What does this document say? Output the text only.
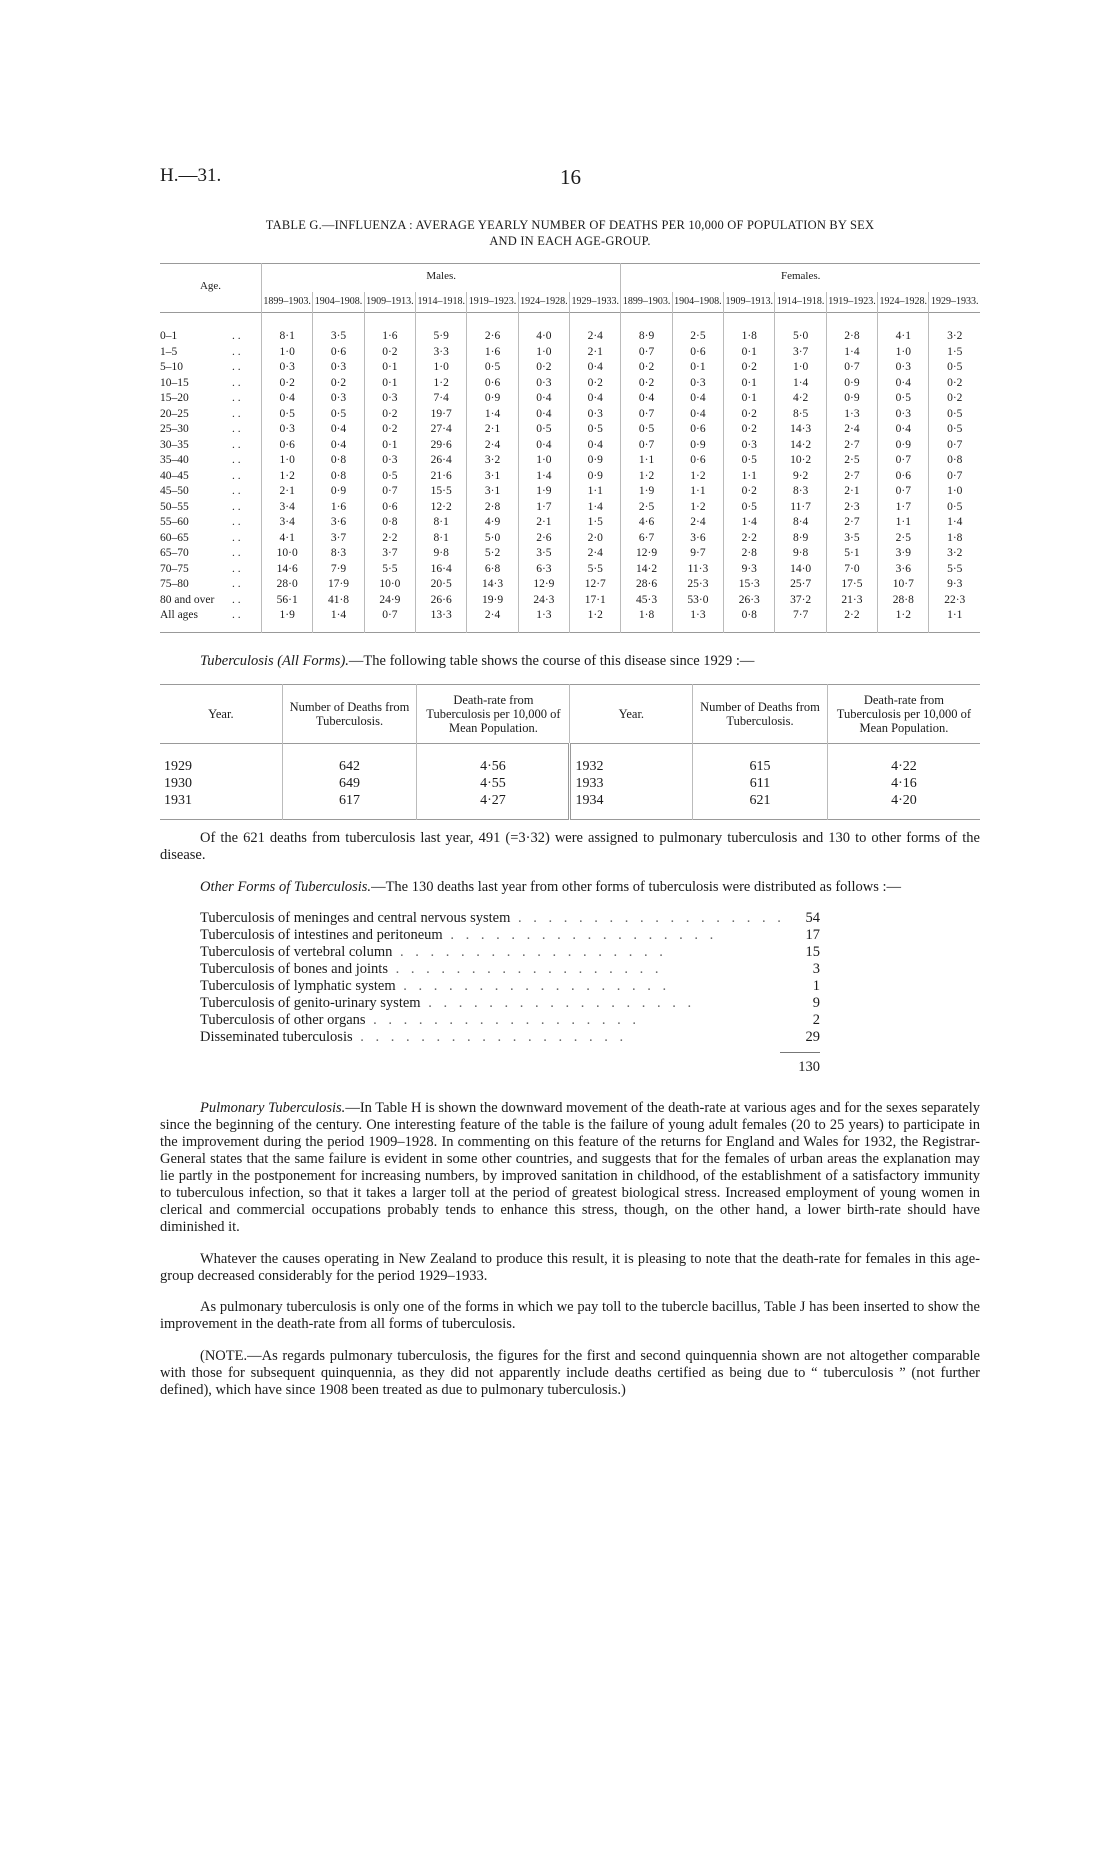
H.—31.	16
TABLE G.—INFLUENZA : AVERAGE YEARLY NUMBER OF DEATHS PER 10,000 OF POPULATION BY SEX
AND IN EACH AGE-GROUP.
Age.		Males.							Females.						
		1899–1903.	1904–1908.	1909–1913.	1914–1918.	1919–1923.	1924–1928.	1929–1933.	1899–1903.	1904–1908.	1909–1913.	1914–1918.	1919–1923.	1924–1928.	1929–1933.
0–1	. .	8·1	3·5	1·6	5·9	2·6	4·0	2·4	8·9	2·5	1·8	5·0	2·8	4·1	3·2
1–5	. .	1·0	0·6	0·2	3·3	1·6	1·0	2·1	0·7	0·6	0·1	3·7	1·4	1·0	1·5
5–10	. .	0·3	0·3	0·1	1·0	0·5	0·2	0·4	0·2	0·1	0·2	1·0	0·7	0·3	0·5
10–15	. .	0·2	0·2	0·1	1·2	0·6	0·3	0·2	0·2	0·3	0·1	1·4	0·9	0·4	0·2
15–20	. .	0·4	0·3	0·3	7·4	0·9	0·4	0·4	0·4	0·4	0·1	4·2	0·9	0·5	0·2
20–25	. .	0·5	0·5	0·2	19·7	1·4	0·4	0·3	0·7	0·4	0·2	8·5	1·3	0·3	0·5
25–30	. .	0·3	0·4	0·2	27·4	2·1	0·5	0·5	0·5	0·6	0·2	14·3	2·4	0·4	0·5
30–35	. .	0·6	0·4	0·1	29·6	2·4	0·4	0·4	0·7	0·9	0·3	14·2	2·7	0·9	0·7
35–40	. .	1·0	0·8	0·3	26·4	3·2	1·0	0·9	1·1	0·6	0·5	10·2	2·5	0·7	0·8
40–45	. .	1·2	0·8	0·5	21·6	3·1	1·4	0·9	1·2	1·2	1·1	9·2	2·7	0·6	0·7
45–50	. .	2·1	0·9	0·7	15·5	3·1	1·9	1·1	1·9	1·1	0·2	8·3	2·1	0·7	1·0
50–55	. .	3·4	1·6	0·6	12·2	2·8	1·7	1·4	2·5	1·2	0·5	11·7	2·3	1·7	0·5
55–60	. .	3·4	3·6	0·8	8·1	4·9	2·1	1·5	4·6	2·4	1·4	8·4	2·7	1·1	1·4
60–65	. .	4·1	3·7	2·2	8·1	5·0	2·6	2·0	6·7	3·6	2·2	8·9	3·5	2·5	1·8
65–70	. .	10·0	8·3	3·7	9·8	5·2	3·5	2·4	12·9	9·7	2·8	9·8	5·1	3·9	3·2
70–75	. .	14·6	7·9	5·5	16·4	6·8	6·3	5·5	14·2	11·3	9·3	14·0	7·0	3·6	5·5
75–80	. .	28·0	17·9	10·0	20·5	14·3	12·9	12·7	28·6	25·3	15·3	25·7	17·5	10·7	9·3
80 and over	. .	56·1	41·8	24·9	26·6	19·9	24·3	17·1	45·3	53·0	26·3	37·2	21·3	28·8	22·3
All ages	. .	1·9	1·4	0·7	13·3	2·4	1·3	1·2	1·8	1·3	0·8	7·7	2·2	1·2	1·1

Tuberculosis (All Forms).—The following table shows the course of this disease since 1929 :—

Year.	Number of Deaths from Tuberculosis.	Death-rate from Tuberculosis per 10,000 of Mean Population.	Year.	Number of Deaths from Tuberculosis.	Death-rate from Tuberculosis per 10,000 of Mean Population.
1929	642	4·56	1932	615	4·22
1930	649	4·55	1933	611	4·16
1931	617	4·27	1934	621	4·20

Of the 621 deaths from tuberculosis last year, 491 (=3·32) were assigned to pulmonary tuberculosis and 130 to other forms of the disease.

Other Forms of Tuberculosis.—The 130 deaths last year from other forms of tuberculosis were distributed as follows :—

Tuberculosis of meninges and central nervous system . .	54
Tuberculosis of intestines and peritoneum . .	17
Tuberculosis of vertebral column . .	15
Tuberculosis of bones and joints . .	3
Tuberculosis of lymphatic system . .	1
Tuberculosis of genito-urinary system . .	9
Tuberculosis of other organs . .	2
Disseminated tuberculosis . .	29
130

Pulmonary Tuberculosis.—In Table H is shown the downward movement of the death-rate at various ages and for the sexes separately since the beginning of the century. One interesting feature of the table is the failure of young adult females (20 to 25 years) to participate in the improvement during the period 1909–1928. In commenting on this feature of the returns for England and Wales for 1932, the Registrar-General states that the same failure is evident in some other countries, and suggests that for the females of urban areas the explanation may lie partly in the postponement for increasing numbers, by improved sanitation in childhood, of the establishment of a satisfactory immunity to tuberculous infection, so that it takes a larger toll at the period of greatest biological stress. Increased employment of young women in clerical and commercial occupations probably tends to enhance this stress, though, on the other hand, a lower birth-rate should have diminished it.

Whatever the causes operating in New Zealand to produce this result, it is pleasing to note that the death-rate for females in this age-group decreased considerably for the period 1929–1933.

As pulmonary tuberculosis is only one of the forms in which we pay toll to the tubercle bacillus, Table J has been inserted to show the improvement in the death-rate from all forms of tuberculosis.

(NOTE.—As regards pulmonary tuberculosis, the figures for the first and second quinquennia shown are not altogether comparable with those for subsequent quinquennia, as they did not apparently include deaths certified as being due to “ tuberculosis ” (not further defined), which have since 1908 been treated as due to pulmonary tuberculosis.)
